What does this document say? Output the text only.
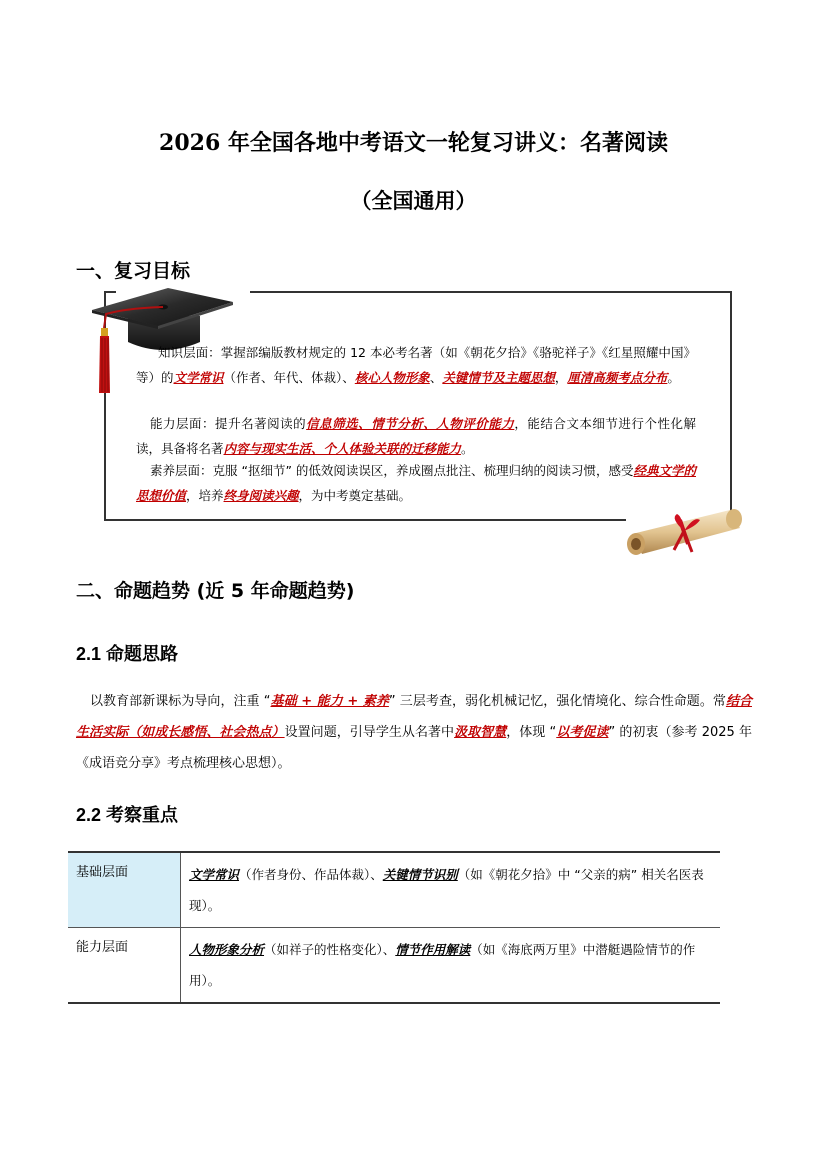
2026 年全国各地中考语文一轮复习讲义：名著阅读
（全国通用）
一、复习目标
知识层面：掌握部编版教材规定的 12 本必考名著（如《朝花夕拾》《骆驼祥子》《红星照耀中国》等）的文学常识（作者、年代、体裁）、核心人物形象、关键情节及主题思想，厘清高频考点分布。
能力层面：提升名著阅读的信息筛选、情节分析、人物评价能力，能结合文本细节进行个性化解读，具备将名著内容与现实生活、个人体验关联的迁移能力。
素养层面：克服 “抠细节” 的低效阅读误区，养成圈点批注、梳理归纳的阅读习惯，感受经典文学的思想价值，培养终身阅读兴趣，为中考奠定基础。
二、命题趋势 (近 5 年命题趋势)
2.1 命题思路
以教育部新课标为导向，注重 “基础 + 能力 + 素养” 三层考查，弱化机械记忆，强化情境化、综合性命题。常结合生活实际（如成长感悟、社会热点）设置问题，引导学生从名著中汲取智慧，体现 “以考促读” 的初衷（参考 2025 年《成语竞分享》考点梳理核心思想）。
2.2 考察重点
基础层面	文学常识（作者身份、作品体裁）、关键情节识别（如《朝花夕拾》中 “父亲的病” 相关名医表现）。
能力层面	人物形象分析（如祥子的性格变化）、情节作用解读（如《海底两万里》中潜艇遇险情节的作用）。
